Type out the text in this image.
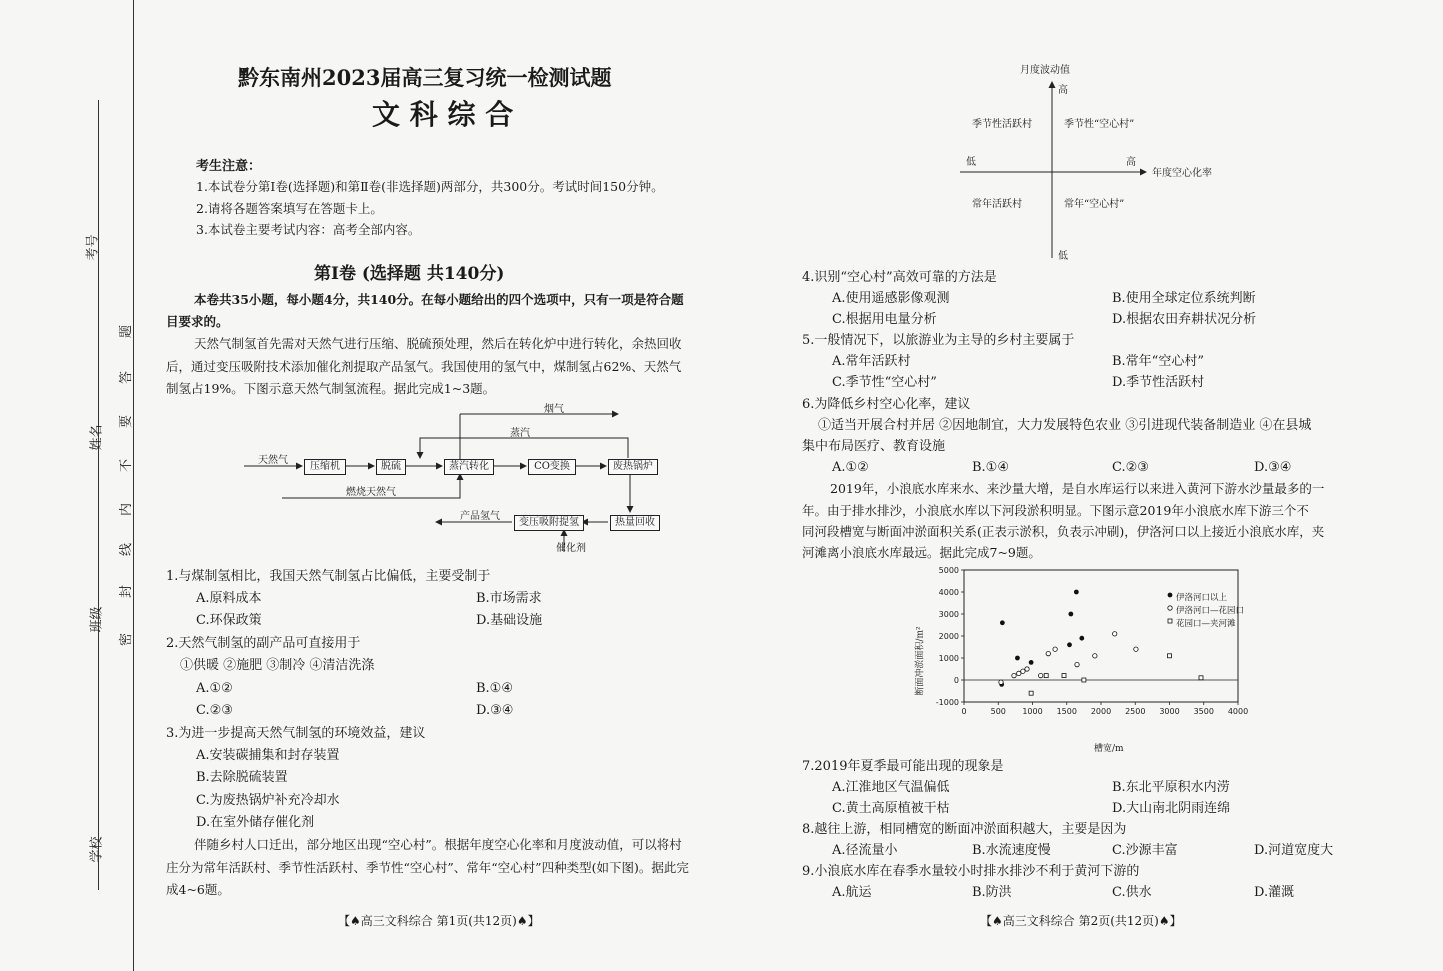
考号
姓名
班级
学校
密
封
线
内
不
要
答
题
黔东南州2023届高三复习统一检测试题
文 科 综 合
考生注意：
1.本试卷分第Ⅰ卷(选择题)和第Ⅱ卷(非选择题)两部分，共300分。考试时间150分钟。
2.请将各题答案填写在答题卡上。
3.本试卷主要考试内容：高考全部内容。
第Ⅰ卷 (选择题 共140分)
本卷共35小题，每小题4分，共140分。在每小题给出的四个选项中，只有一项是符合题
目要求的。
天然气制氢首先需对天然气进行压缩、脱硫预处理，然后在转化炉中进行转化，余热回收
后，通过变压吸附技术添加催化剂提取产品氢气。我国使用的氢气中，煤制氢占62%、天然气
制氢占19%。下图示意天然气制氢流程。据此完成1~3题。
天然气
压缩机	脱硫	蒸汽转化	CO变换	废热锅炉
热量回收
变压吸附提氢
烟气
蒸汽
燃烧天然气
产品氢气
催化剂
1.与煤制氢相比，我国天然气制氢占比偏低，主要受制于
A.原料成本	B.市场需求
C.环保政策	D.基础设施
2.天然气制氢的副产品可直接用于
①供暖 ②施肥 ③制冷 ④清洁洗涤
A.①②	B.①④
C.②③	D.③④
3.为进一步提高天然气制氢的环境效益，建议
A.安装碳捕集和封存装置
B.去除脱硫装置
C.为废热锅炉补充冷却水
D.在室外储存催化剂
伴随乡村人口迁出，部分地区出现“空心村”。根据年度空心化率和月度波动值，可以将村
庄分为常年活跃村、季节性活跃村、季节性“空心村”、常年“空心村”四种类型(如下图)。据此完
成4~6题。
【♠高三文科综合 第1页(共12页)♠】
月度波动值
高
低
低	高
年度空心化率
季节性活跃村	季节性“空心村”
常年活跃村	常年“空心村”
4.识别“空心村”高效可靠的方法是
A.使用遥感影像观测	B.使用全球定位系统判断
C.根据用电量分析	D.根据农田弃耕状况分析
5.一般情况下，以旅游业为主导的乡村主要属于
A.常年活跃村	B.常年“空心村”
C.季节性“空心村”	D.季节性活跃村
6.为降低乡村空心化率，建议
①适当开展合村并居 ②因地制宜，大力发展特色农业 ③引进现代装备制造业 ④在县城
集中布局医疗、教育设施
A.①②	B.①④	C.②③	D.③④
2019年，小浪底水库来水、来沙量大增，是自水库运行以来进入黄河下游水沙量最多的一
年。由于排水排沙，小浪底水库以下河段淤积明显。下图示意2019年小浪底水库下游三个不
同河段槽宽与断面冲淤面积关系(正表示淤积，负表示冲刷)，伊洛河口以上接近小浪底水库，夹
河滩离小浪底水库最远。据此完成7~9题。
5000
4000
3000
2000
1000
0
-1000
0	500 1000 1500 2000 2500 3000 3500 4000
断面冲淤面积/m²
槽宽/m
伊洛河口以上
伊洛河口—花园口
花园口—夹河滩
7.2019年夏季最可能出现的现象是
A.江淮地区气温偏低	B.东北平原积水内涝
C.黄土高原植被干枯	D.大山南北阴雨连绵
8.越往上游，相同槽宽的断面冲淤面积越大，主要是因为
A.径流量小	B.水流速度慢	C.沙源丰富	D.河道宽度大
9.小浪底水库在春季水量较小时排水排沙不利于黄河下游的
A.航运	B.防洪	C.供水	D.灌溉
【♠高三文科综合 第2页(共12页)♠】
